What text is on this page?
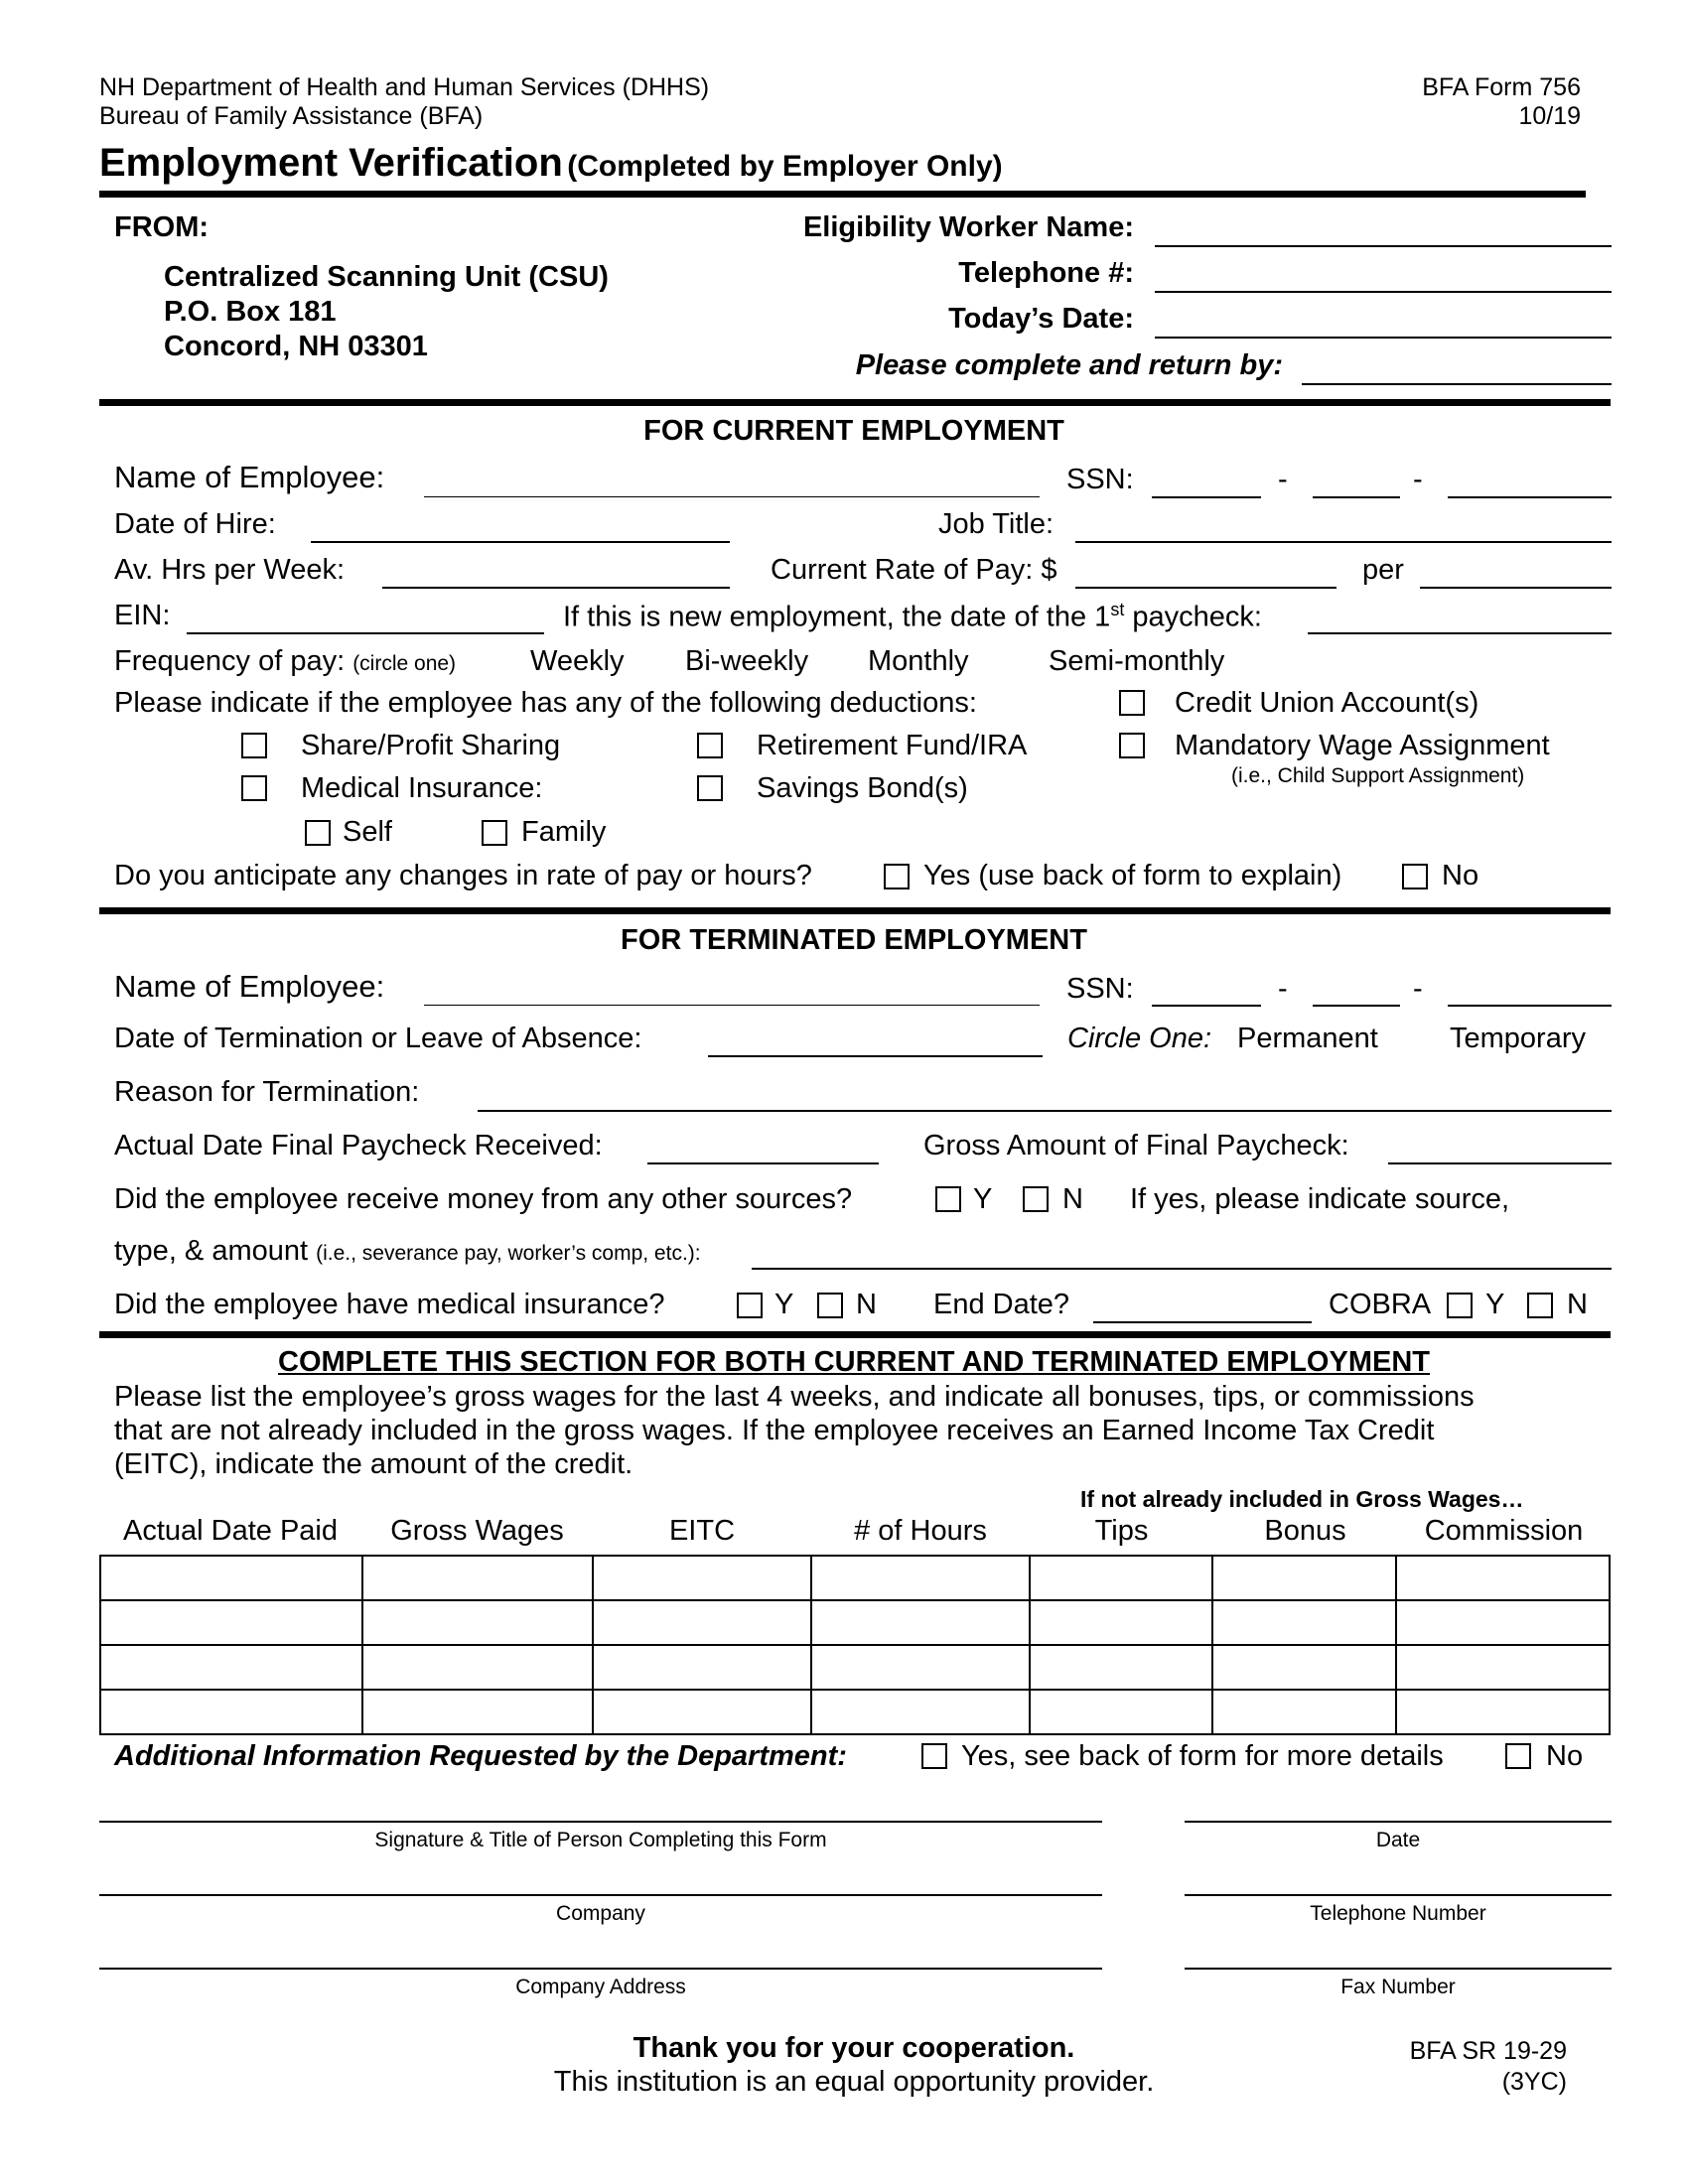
NH Department of Health and Human Services (DHHS)
Bureau of Family Assistance (BFA)
BFA Form 756
10/19
Employment Verification (Completed by Employer Only)
FROM:
Centralized Scanning Unit (CSU)
P.O. Box 181
Concord, NH 03301
Eligibility Worker Name:
Telephone #:
Today’s Date:
Please complete and return by:
FOR CURRENT EMPLOYMENT
Name of Employee:	SSN:	-	-
Date of Hire:	Job Title:
Av. Hrs per Week:	Current Rate of Pay: $	per
EIN:	If this is new employment, the date of the 1st paycheck:
Frequency of pay: (circle one)	Weekly Bi-weekly Monthly	Semi-monthly
Please indicate if the employee has any of the following deductions:	Credit Union Account(s)
Share/Profit Sharing	Retirement Fund/IRA	Mandatory Wage Assignment
(i.e., Child Support Assignment)
Medical Insurance:	Savings Bond(s)
Self	Family
Do you anticipate any changes in rate of pay or hours?	Yes (use back of form to explain)	No
FOR TERMINATED EMPLOYMENT
Name of Employee:	SSN:	-	-
Date of Termination or Leave of Absence:	Circle One: Permanent Temporary
Reason for Termination:
Actual Date Final Paycheck Received:	Gross Amount of Final Paycheck:
Did the employee receive money from any other sources?	Y N If yes, please indicate source,
type, & amount (i.e., severance pay, worker’s comp, etc.):
Did the employee have medical insurance?	Y N End Date?	COBRA Y N
COMPLETE THIS SECTION FOR BOTH CURRENT AND TERMINATED EMPLOYMENT
Please list the employee’s gross wages for the last 4 weeks, and indicate all bonuses, tips, or commissions
that are not already included in the gross wages. If the employee receives an Earned Income Tax Credit
(EITC), indicate the amount of the credit.
If not already included in Gross Wages…
Actual Date Paid	Gross Wages	EITC	# of Hours	Tips	Bonus	Commission

Additional Information Requested by the Department:	Yes, see back of form for more details	No
Signature & Title of Person Completing this Form	Date
Company	Telephone Number
Company Address	Fax Number
Thank you for your cooperation.
This institution is an equal opportunity provider.
BFA SR 19-29
(3YC)
